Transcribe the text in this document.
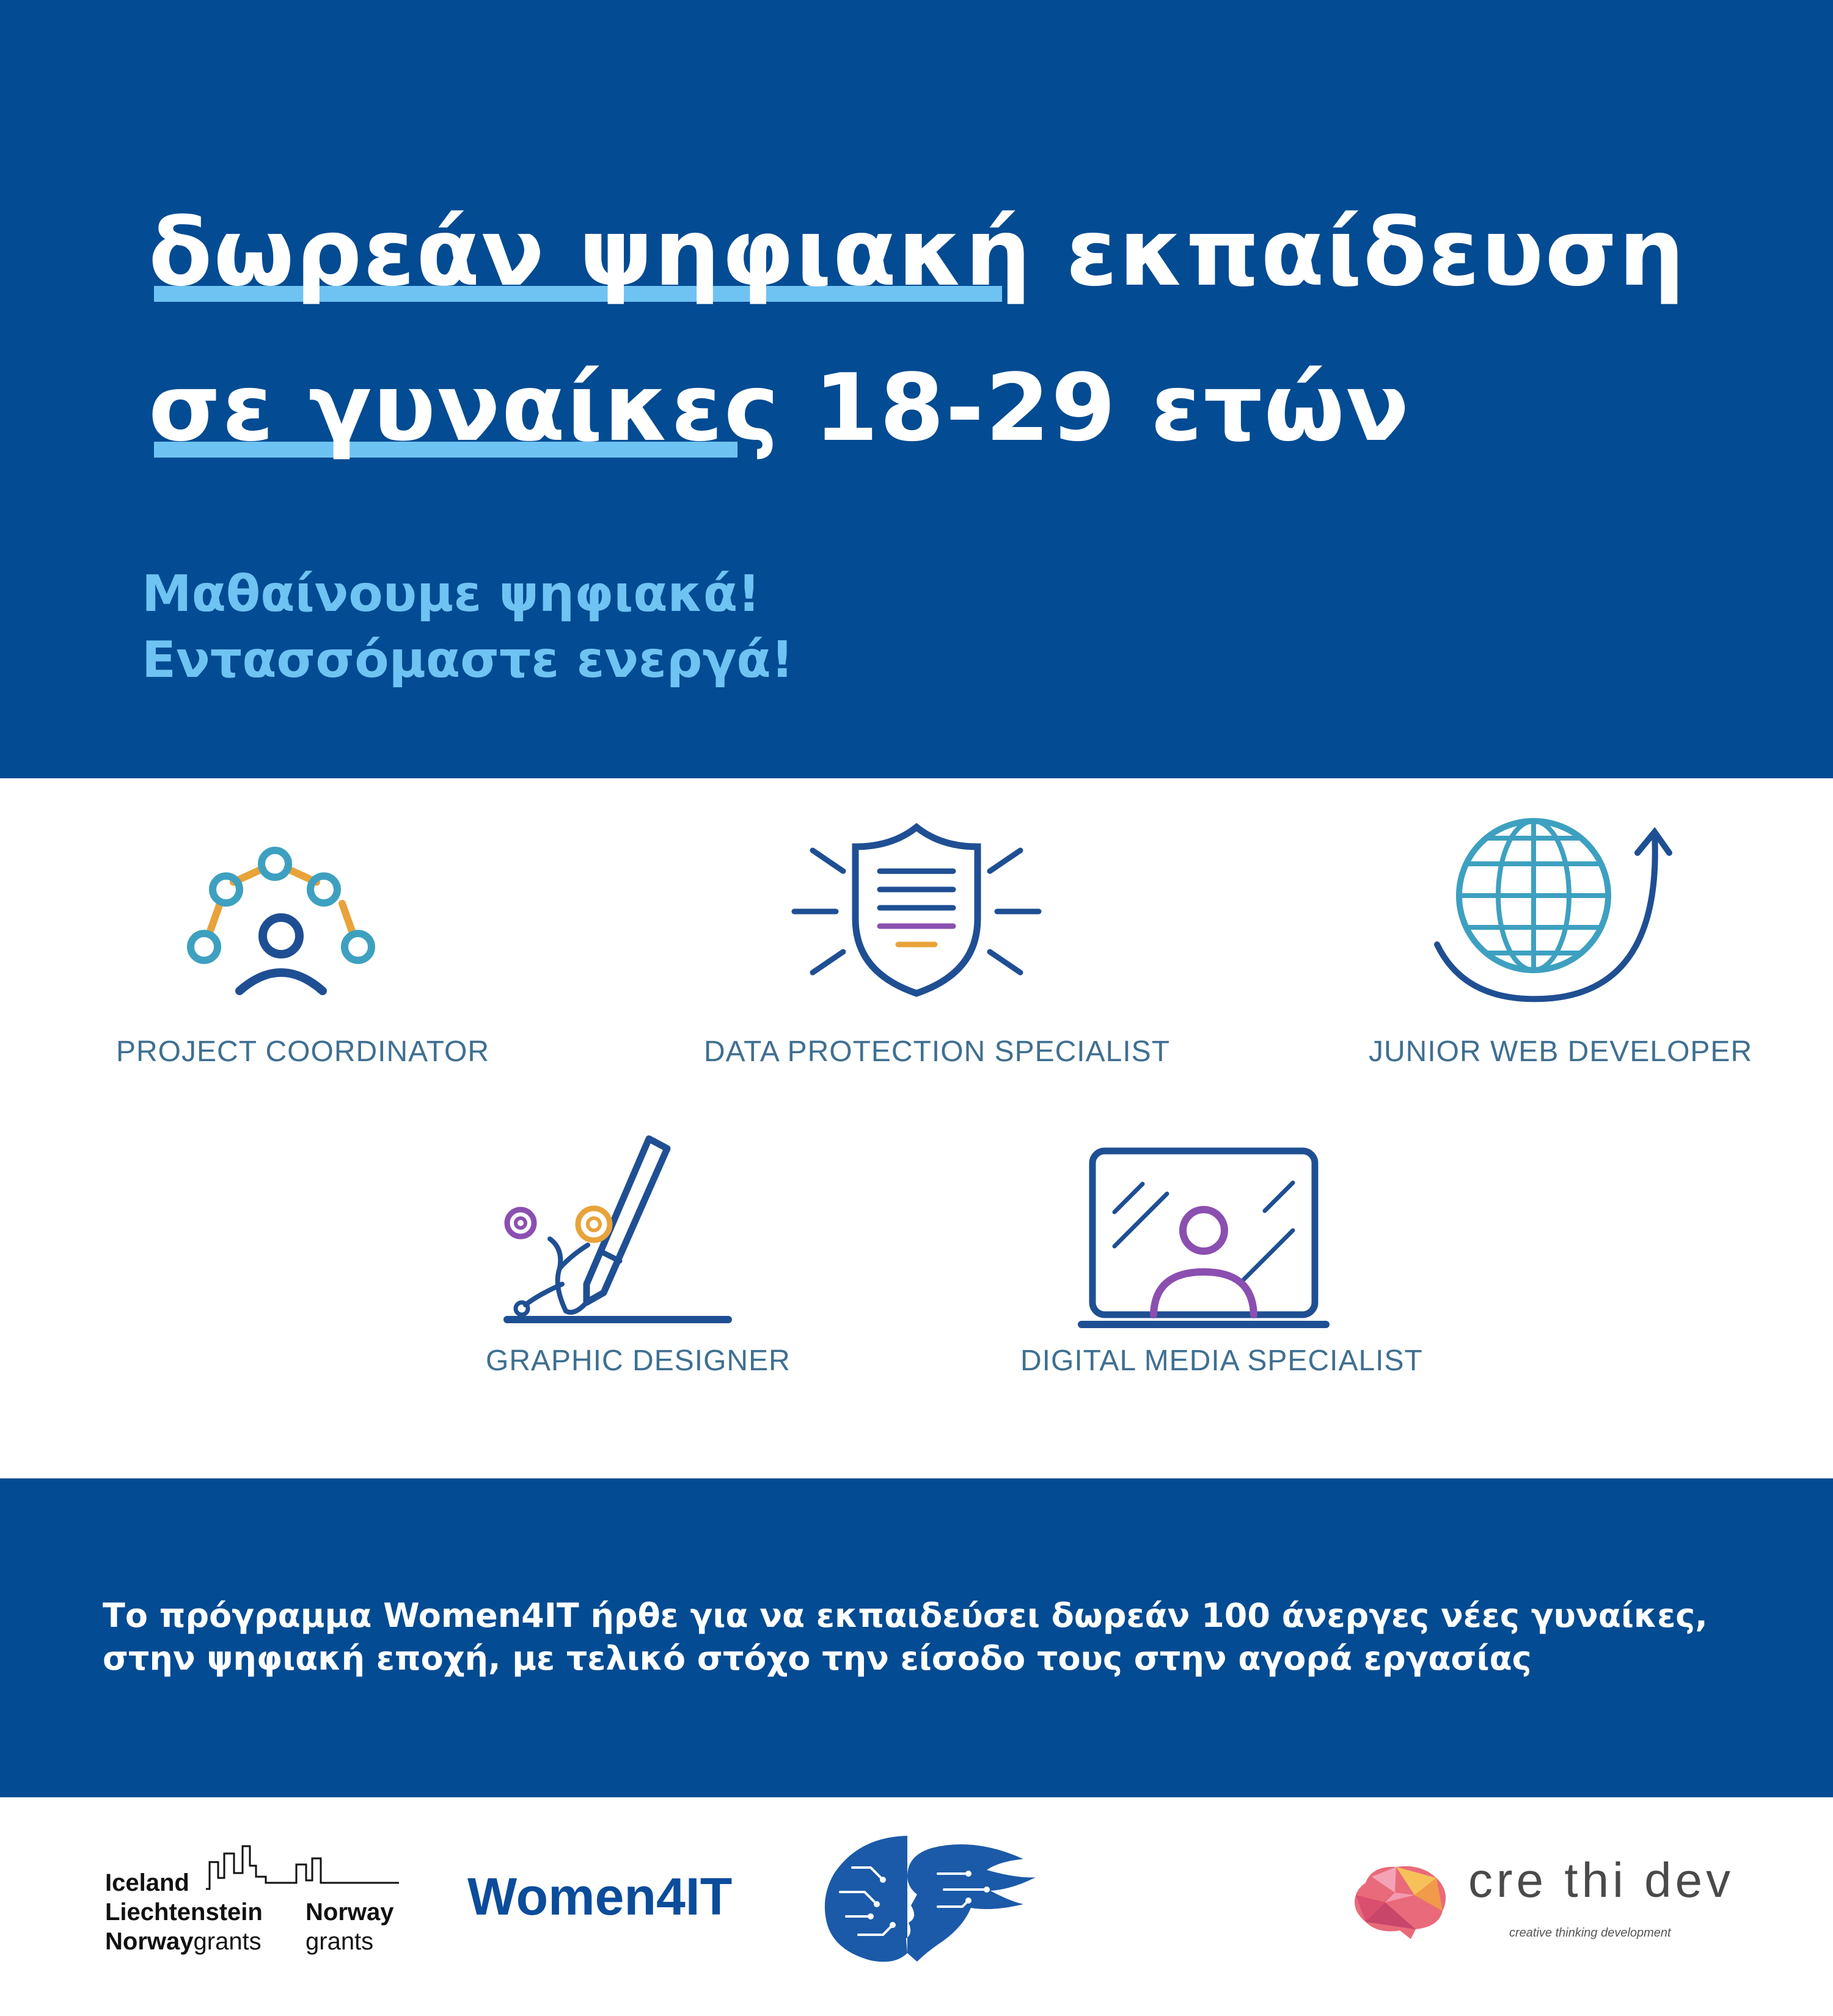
δωρεάν ψηφιακή εκπαίδευση
σε γυναίκες 18-29 ετών
Μαθαίνουμε ψηφιακά!
Εντασσόμαστε ενεργά!
PROJECT COORDINATOR	DATA PROTECTION SPECIALIST	JUNIOR WEB DEVELOPER
GRAPHIC DESIGNER	DIGITAL MEDIA SPECIALIST
Το πρόγραμμα Women4IT ήρθε για να εκπαιδεύσει δωρεάν 100 άνεργες νέες γυναίκες,
στην ψηφιακή εποχή, με τελικό στόχο την είσοδο τους στην αγορά εργασίας
Iceland
Liechtenstein
Norwaygrants
Norway
grants
Women4IT	cre thi dev
creative thinking development
